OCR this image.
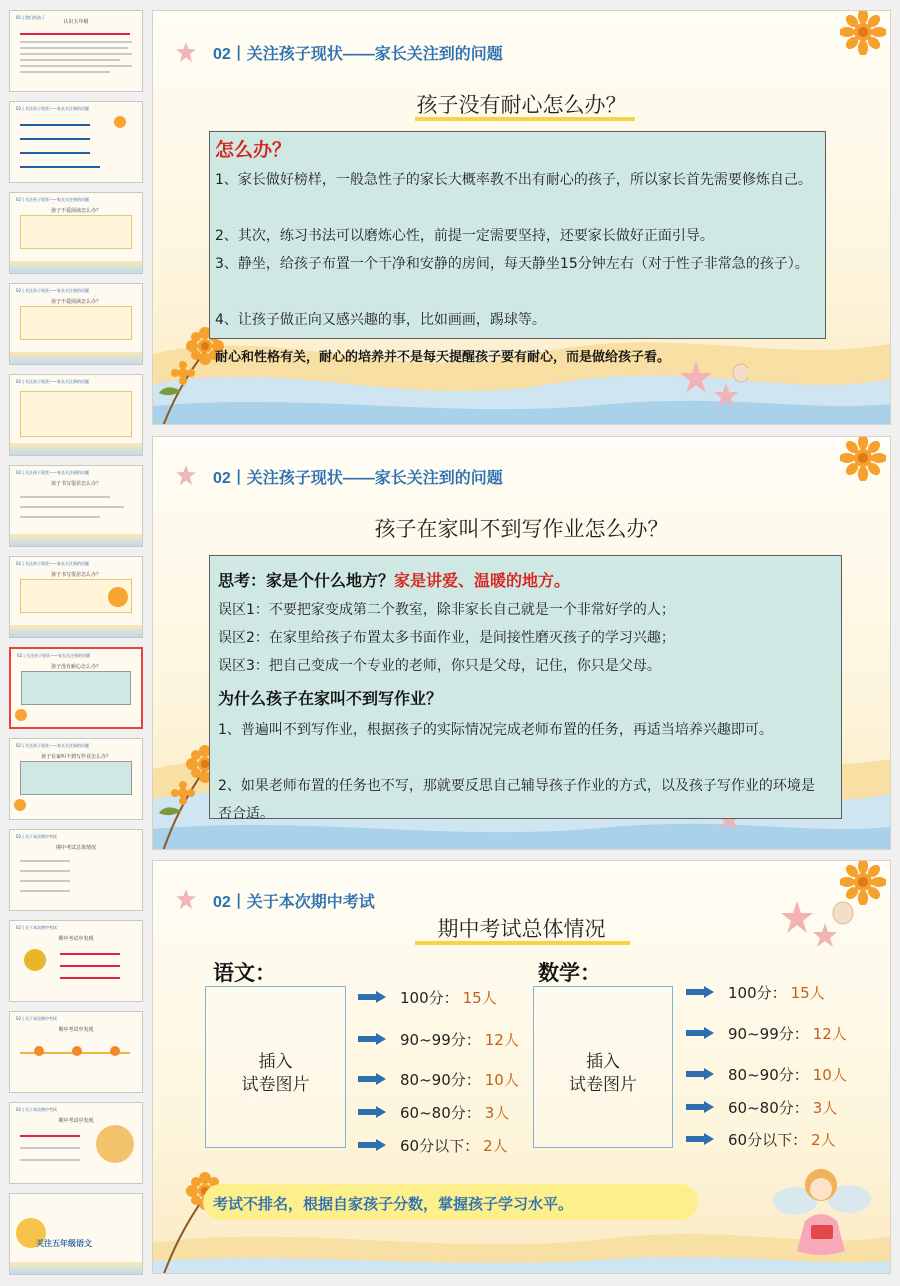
01 | 我们的孩子
认识五年级
02 | 关注孩子现状——家长关注到的问题
02 | 关注孩子现状——家长关注到的问题
孩子不爱阅读怎么办？
02 | 关注孩子现状——家长关注到的问题
孩子不爱阅读怎么办？
02 | 关注孩子现状——家长关注到的问题
02 | 关注孩子现状——家长关注到的问题
孩子书写很差怎么办？
02 | 关注孩子现状——家长关注到的问题
孩子书写很差怎么办？
02 | 关注孩子现状——家长关注到的问题
孩子没有耐心怎么办？
02 | 关注孩子现状——家长关注到的问题
孩子在家叫不到写作业怎么办？
02 | 关于本次期中考试
期中考试总体情况
02 | 关于本次期中考试
期中考试中发现
02 | 关于本次期中考试
期中考试中发现
02 | 关于本次期中考试
期中考试中发现
关注五年级语文
02丨关注孩子现状——家长关注到的问题
孩子没有耐心怎么办？
怎么办？
1、家长做好榜样，一般急性子的家长大概率教不出有耐心的孩子，所以家长首先需要修炼自己。
2、其次，练习书法可以磨炼心性，前提一定需要坚持，还要家长做好正面引导。
3、静坐，给孩子布置一个干净和安静的房间，每天静坐15分钟左右（对于性子非常急的孩子）。
4、让孩子做正向又感兴趣的事，比如画画，踢球等。
耐心和性格有关，耐心的培养并不是每天提醒孩子要有耐心，而是做给孩子看。
02丨关注孩子现状——家长关注到的问题
孩子在家叫不到写作业怎么办？
思考：家是个什么地方？家是讲爱、温暖的地方。
误区1：不要把家变成第二个教室，除非家长自己就是一个非常好学的人；
误区2：在家里给孩子布置太多书面作业，是间接性磨灭孩子的学习兴趣；
误区3：把自己变成一个专业的老师，你只是父母，记住，你只是父母。
为什么孩子在家叫不到写作业？
1、普遍叫不到写作业，根据孩子的实际情况完成老师布置的任务，再适当培养兴趣即可。
2、如果老师布置的任务也不写，那就要反思自己辅导孩子作业的方式，以及孩子写作业的环境是否合适。
02丨关于本次期中考试
期中考试总体情况
语文：
插入
试卷图片
100分： 15人
90~99分： 12人
80~90分： 10人
60~80分： 3人
60分以下： 2人
数学：
插入
试卷图片
100分： 15人
90~99分： 12人
80~90分： 10人
60~80分： 3人
60分以下： 2人
考试不排名，根据自家孩子分数，掌握孩子学习水平。
